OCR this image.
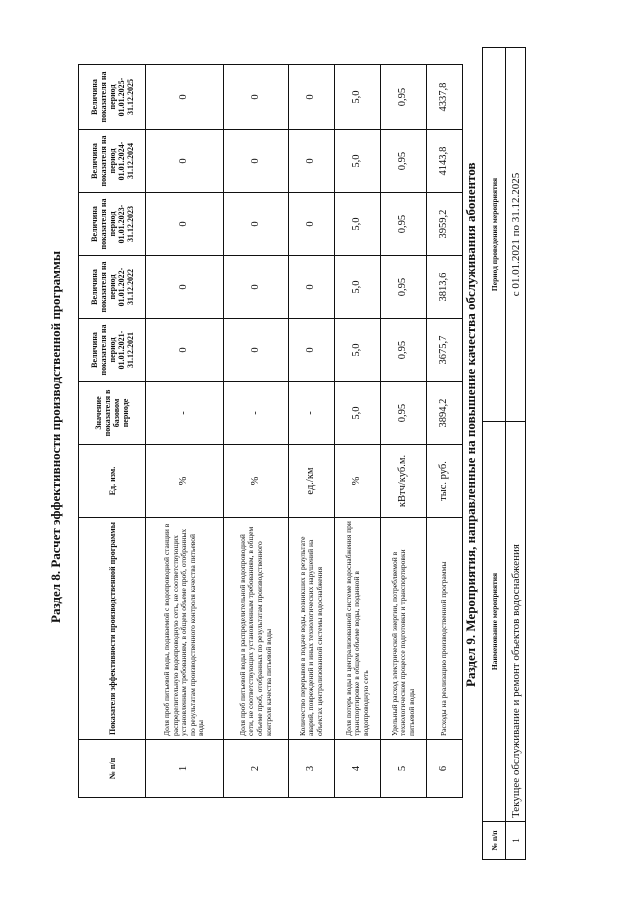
Раздел 8. Расчет эффективности производственной программы
№ п/п	Показатели эффективности производственной программы	Ед. изм.	Значение показателя в базовом периоде	Величина показателя на период 01.01.2021-31.12.2021	Величина показателя на период 01.01.2022-31.12.2022	Величина показателя на период 01.01.2023-31.12.2023	Величина показателя на период 01.01.2024-31.12.2024	Величина показателя на период 01.01.2025-31.12.2025
1	Доля проб питьевой воды, подаваемой с водопроводной станции в распределительную водопроводную сеть, не соответствующих установленным требованиям, в общем объеме проб, отобранных по результатам производственного контроля качества питьевой воды	%	-	0	0	0	0	0
2	Доля проб питьевой воды в распределительной водопроводной сети, не соответствующих установленным требованиям, в общем объеме проб, отобранных по результатам производственного контроля качества питьевой воды	%	-	0	0	0	0	0
3	Количество перерывов в подаче воды, возникших в результате аварий, повреждений и иных технологических нарушений на объектах централизованной системы водоснабжения	ед./км	-	0	0	0	0	0
4	Доля потерь воды в централизованной системе водоснабжения при транспортировке в общем объеме воды, поданной в водопроводную сеть	%	5,0	5,0	5,0	5,0	5,0	5,0
5	Удельный расход электрической энергии, потребляемой в технологическом процессе подготовки и транспортировки питьевой воды	кВтч/куб.м.	0,95	0,95	0,95	0,95	0,95	0,95
6	Расходы на реализацию производственной программы	тыс. руб.	3894,2	3675,7	3813,6	3959,2	4143,8	4337,8
Раздел 9. Мероприятия, направленные на повышение качества обслуживания абонентов
№ п/п	Наименование мероприятия	Период проведения мероприятия
1	Текущее обслуживание и ремонт объектов водоснабжения	с 01.01.2021 по 31.12.2025
